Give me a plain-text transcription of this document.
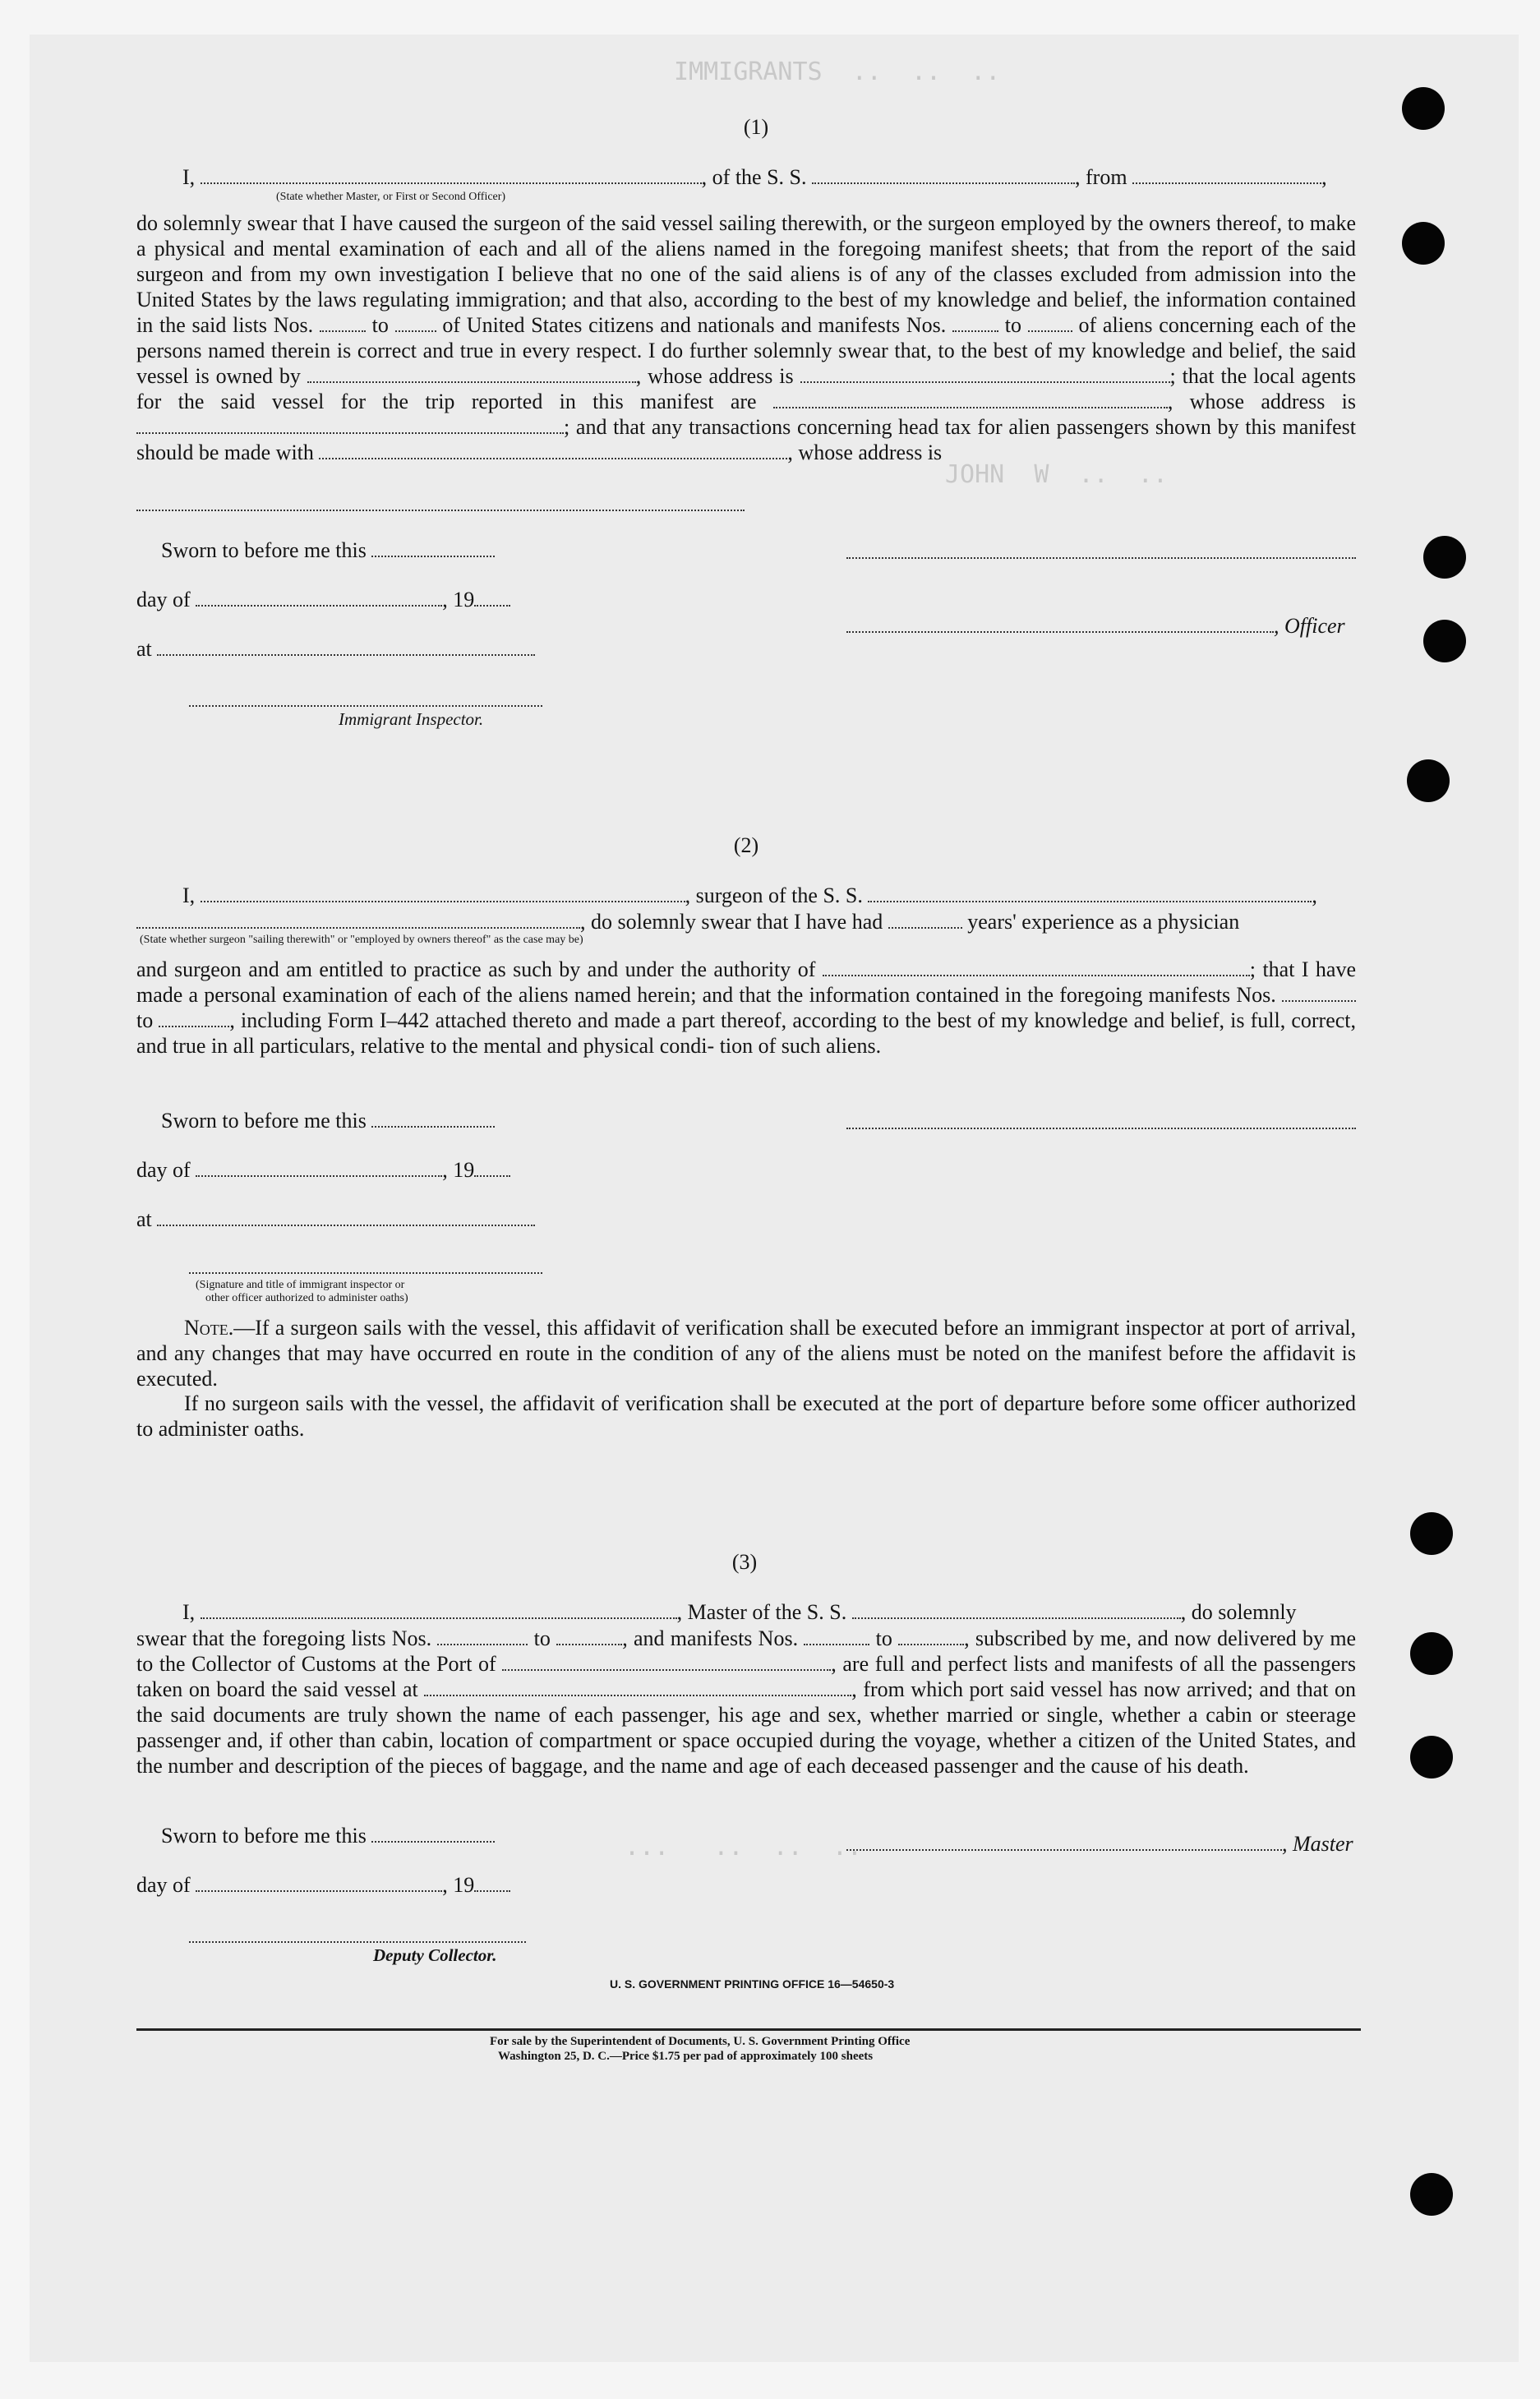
IMMIGRANTS  ..  ..  ..
JOHN  W  ..  ..
...   ..  ..  ..
(1)
I,	, of the S. S.	, from	,
(State whether Master, or First or Second Officer)
do solemnly swear that I have caused the surgeon of the said vessel sailing therewith, or the surgeon employed by the owners thereof, to make a physical and mental examination of each and all of the aliens named in the foregoing manifest sheets; that from the report of the said surgeon and from my own investigation I believe that no one of the said aliens is of any of the classes excluded from admission into the United States by the laws regulating immigration; and that also, according to the best of my knowledge and belief, the information contained in the said lists Nos.	to	of United States citizens and nationals and manifests Nos.	to	of aliens concerning each of the persons named therein is correct and true in every respect. I do further solemnly swear that, to the best of my knowledge and belief, the said vessel is owned by	, whose address is	; that the local agents for the said vessel for the trip reported in this manifest are	, whose address is ; and that any transactions concerning head tax for alien passengers shown by this manifest should be made with	, whose address is
Sworn to before me this
day of	, 19
, Officer
at
Immigrant Inspector.
(2)
I,	, surgeon of the S. S.	,
, do solemnly swear that I have had	years' experience as a physician
(State whether surgeon "sailing therewith" or "employed by owners thereof" as the case may be)
and surgeon and am entitled to practice as such by and under the authority of	; that I have made a personal examination of each of the aliens named herein; and that the information contained in the foregoing manifests Nos.  to	, including Form I–442 attached thereto and made a part thereof, according to the best of my knowledge and belief, is full, correct, and true in all particulars, relative to the mental and physical condi- tion of such aliens.
Sworn to before me this
day of	, 19
at
(Signature and title of immigrant inspector or
other officer authorized to administer oaths)
Note.—If a surgeon sails with the vessel, this affidavit of verification shall be executed before an immigrant inspector at port of arrival, and any changes that may have occurred en route in the condition of any of the aliens must be noted on the manifest before the affidavit is executed.
If no surgeon sails with the vessel, the affidavit of verification shall be executed at the port of departure before some officer authorized to administer oaths.
(3)
I,	, Master of the S. S.	, do solemnly
swear that the foregoing lists Nos.	to	, and manifests Nos.	to	, subscribed by me, and now delivered by me to the Collector of Customs at the Port of	, are full and perfect lists and manifests of all the passengers taken on board the said vessel at	, from which port said vessel has now arrived; and that on the said documents are truly shown the name of each passenger, his age and sex, whether married or single, whether a cabin or steerage passenger and, if other than cabin, location of compartment or space occupied during the voyage, whether a citizen of the United States, and the number and description of the pieces of baggage, and the name and age of each deceased passenger and the cause of his death.
Sworn to before me this	, Master
day of	, 19
Deputy Collector.
U. S. GOVERNMENT PRINTING OFFICE 16—54650-3
For sale by the Superintendent of Documents, U. S. Government Printing Office
Washington 25, D. C.—Price $1.75 per pad of approximately 100 sheets
